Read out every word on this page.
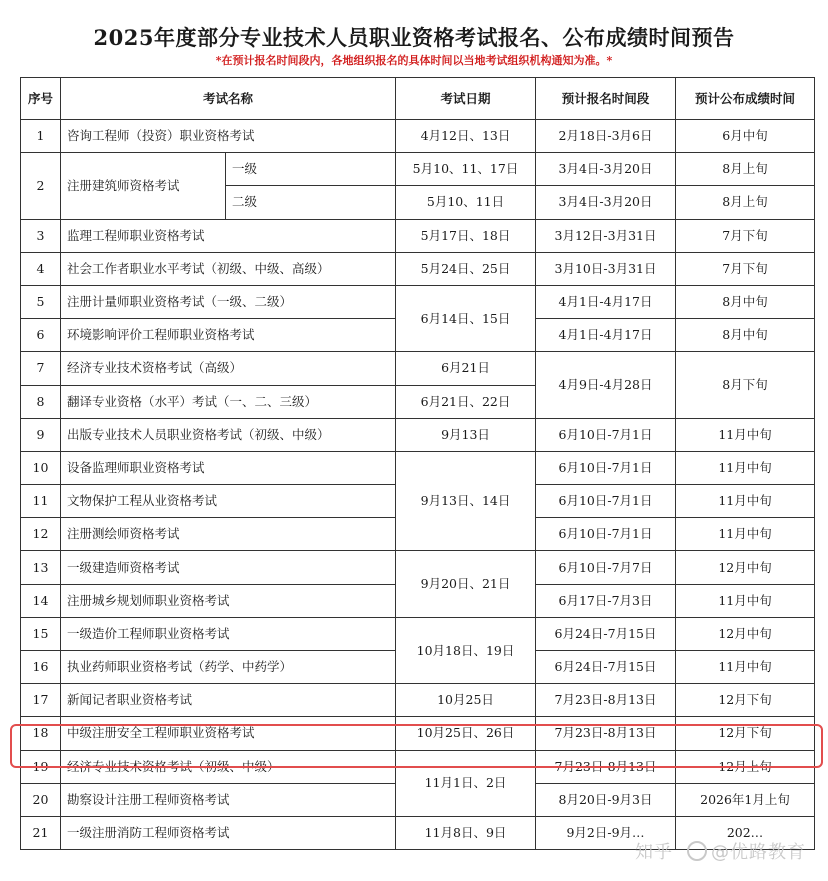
2025年度部分专业技术人员职业资格考试报名、公布成绩时间预告
*在预计报名时间段内，各地组织报名的具体时间以当地考试组织机构通知为准。*
序号	考试名称		考试日期	预计报名时间段	预计公布成绩时间
1	咨询工程师（投资）职业资格考试		4月12日、13日	2月18日-3月6日	6月中旬
2	注册建筑师资格考试	一级	5月10、11、17日	3月4日-3月20日	8月上旬
		二级	5月10、11日	3月4日-3月20日	8月上旬
3	监理工程师职业资格考试		5月17日、18日	3月12日-3月31日	7月下旬
4	社会工作者职业水平考试（初级、中级、高级）		5月24日、25日	3月10日-3月31日	7月下旬
5	注册计量师职业资格考试（一级、二级）		6月14日、15日	4月1日-4月17日	8月中旬
6	环境影响评价工程师职业资格考试			4月1日-4月17日	8月中旬
7	经济专业技术资格考试（高级）		6月21日	4月9日-4月28日	8月下旬
8	翻译专业资格（水平）考试（一、二、三级）		6月21日、22日		
9	出版专业技术人员职业资格考试（初级、中级）		9月13日	6月10日-7月1日	11月中旬
10	设备监理师职业资格考试		9月13日、14日	6月10日-7月1日	11月中旬
11	文物保护工程从业资格考试			6月10日-7月1日	11月中旬
12	注册测绘师资格考试			6月10日-7月1日	11月中旬
13	一级建造师资格考试		9月20日、21日	6月10日-7月7日	12月中旬
14	注册城乡规划师职业资格考试			6月17日-7月3日	11月中旬
15	一级造价工程师职业资格考试		10月18日、19日	6月24日-7月15日	12月中旬
16	执业药师职业资格考试（药学、中药学）			6月24日-7月15日	11月中旬
17	新闻记者职业资格考试		10月25日	7月23日-8月13日	12月下旬
18	中级注册安全工程师职业资格考试		10月25日、26日	7月23日-8月13日	12月下旬
19	经济专业技术资格考试（初级、中级）		11月1日、2日	7月23日-8月13日	12月上旬
20	勘察设计注册工程师资格考试			8月20日-9月3日	2026年1月上旬
21	一级注册消防工程师资格考试		11月8日、9日	9月2日-9月…	202…
知乎 @优路教育
